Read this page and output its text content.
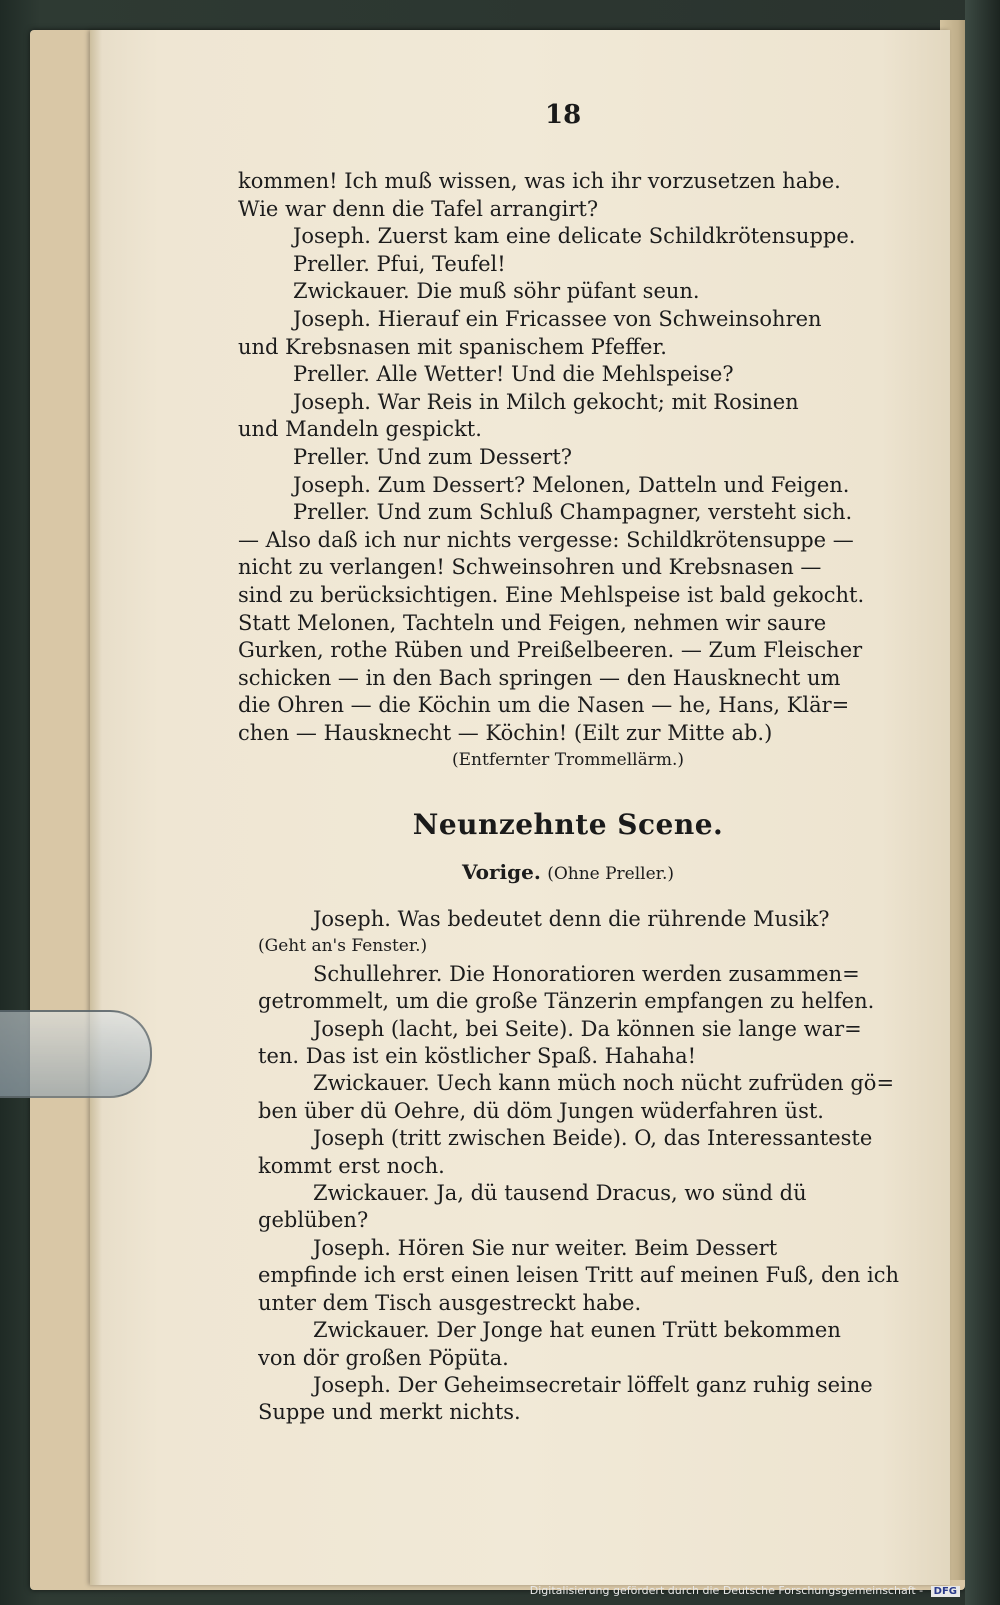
18
kommen! Ich muß wissen, was ich ihr vorzusetzen habe.
Wie war denn die Tafel arrangirt?
Joseph. Zuerst kam eine delicate Schildkrötensuppe.
Preller. Pfui, Teufel!
Zwickauer. Die muß söhr püfant seun.
Joseph. Hierauf ein Fricassee von Schweinsohren
und Krebsnasen mit spanischem Pfeffer.
Preller. Alle Wetter! Und die Mehlspeise?
Joseph. War Reis in Milch gekocht; mit Rosinen
und Mandeln gespickt.
Preller. Und zum Dessert?
Joseph. Zum Dessert? Melonen, Datteln und Feigen.
Preller. Und zum Schluß Champagner, versteht sich.
— Also daß ich nur nichts vergesse: Schildkrötensuppe —
nicht zu verlangen! Schweinsohren und Krebsnasen —
sind zu berücksichtigen. Eine Mehlspeise ist bald gekocht.
Statt Melonen, Tachteln und Feigen, nehmen wir saure
Gurken, rothe Rüben und Preißelbeeren. — Zum Fleischer
schicken — in den Bach springen — den Hausknecht um
die Ohren — die Köchin um die Nasen — he, Hans, Klär=
chen — Hausknecht — Köchin! (Eilt zur Mitte ab.)
(Entfernter Trommellärm.)
Neunzehnte Scene.
Vorige. (Ohne Preller.)
Joseph. Was bedeutet denn die rührende Musik?
(Geht an's Fenster.)
Schullehrer. Die Honoratioren werden zusammen=
getrommelt, um die große Tänzerin empfangen zu helfen.
Joseph (lacht, bei Seite). Da können sie lange war=
ten. Das ist ein köstlicher Spaß. Hahaha!
Zwickauer. Uech kann müch noch nücht zufrüden gö=
ben über dü Oehre, dü döm Jungen wüderfahren üst.
Joseph (tritt zwischen Beide). O, das Interessanteste
kommt erst noch.
Zwickauer. Ja, dü tausend Dracus, wo sünd dü
geblüben?
Joseph. Hören Sie nur weiter. Beim Dessert
empfinde ich erst einen leisen Tritt auf meinen Fuß, den ich
unter dem Tisch ausgestreckt habe.
Zwickauer. Der Jonge hat eunen Trütt bekommen
von dör großen Pöpüta.
Joseph. Der Geheimsecretair löffelt ganz ruhig seine
Suppe und merkt nichts.
Digitalisierung gefördert durch die Deutsche Forschungsgemeinschaft - DFG
